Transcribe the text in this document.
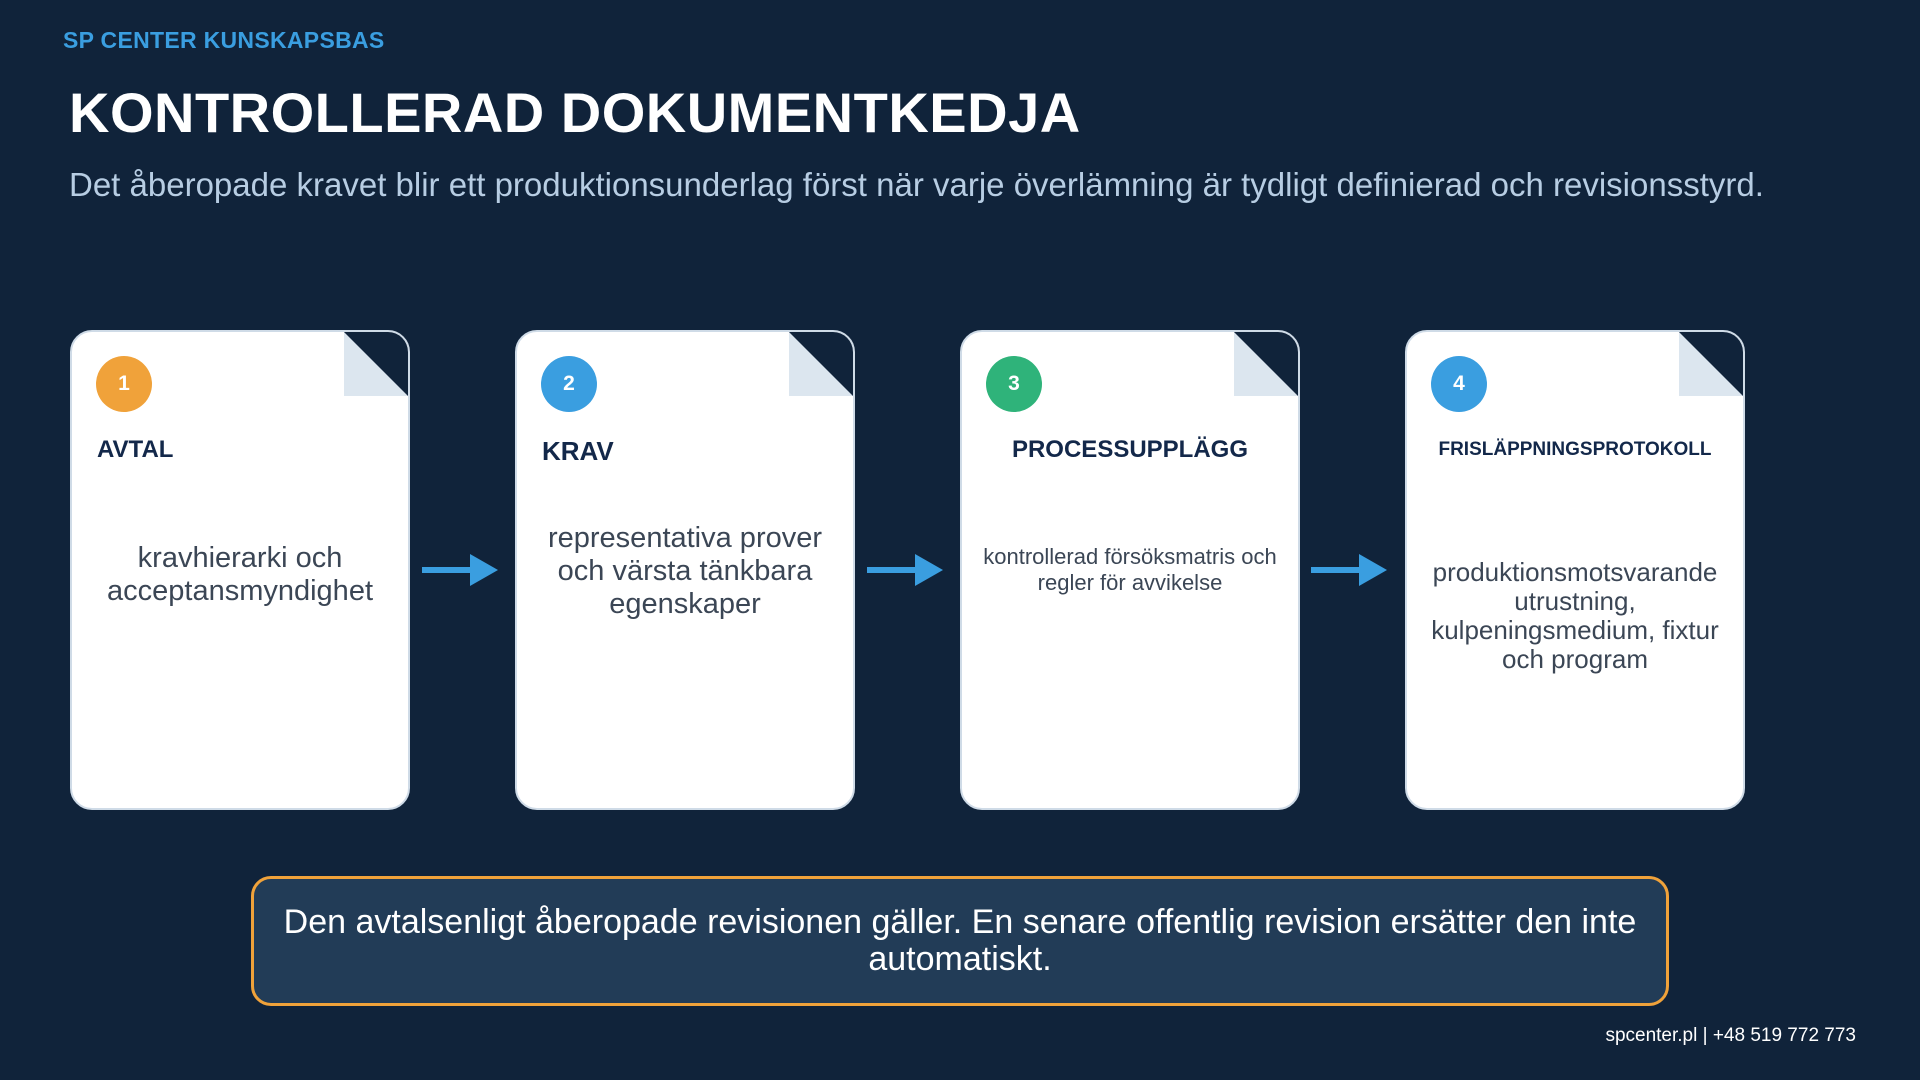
SP CENTER KUNSKAPSBAS
KONTROLLERAD DOKUMENTKEDJA
Det åberopade kravet blir ett produktionsunderlag först när varje överlämning är tydligt definierad och revisionsstyrd.
1
AVTAL
kravhierarki och acceptansmyndighet
2
KRAV
representativa prover och värsta tänkbara egenskaper
3
PROCESSUPPLÄGG
kontrollerad försöksmatris och regler för avvikelse
4
FRISLÄPPNINGSPROTOKOLL
produktionsmotsvarande utrustning, kulpeningsmedium, fixtur och program
Den avtalsenligt åberopade revisionen gäller. En senare offentlig revision ersätter den inte automatiskt.
spcenter.pl | +48 519 772 773
